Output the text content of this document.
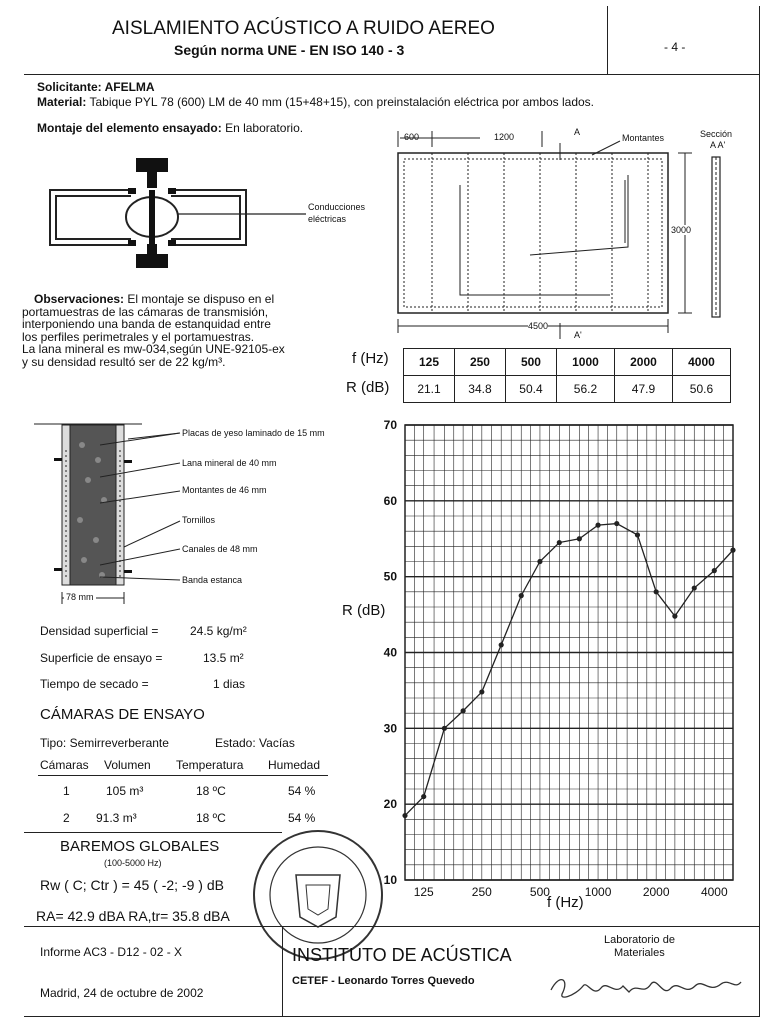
AISLAMIENTO ACÚSTICO A RUIDO AEREO
Según norma UNE - EN ISO 140 - 3	- 4 -
Solicitante: AFELMA
Material: Tabique PYL 78 (600) LM de 40 mm (15+48+15), con preinstalación eléctrica por ambos lados.
Montaje del elemento ensayado: En laboratorio.
Conducciones
eléctricas
600	1200	A
Montantes	Sección
A A'
3000
4500
A'
Observaciones: El montaje se dispuso en el
portamuestras de las cámaras de transmisión,
interponiendo una banda de estanquidad entre
los perfiles perimetrales y el portamuestras.
La lana mineral es mw-034,según UNE-92105-ex
y su densidad resultó ser de 22 kg/m³.	f (Hz)
R (dB)
125	250	500	1000	2000	4000
21.1	34.8	50.4	56.2	47.9	50.6
Placas de yeso laminado de 15 mm
Lana mineral de 40 mm
Montantes de 46 mm
Tornillos
Canales de 48 mm
Banda estanca
78 mm
Densidad superficial =	24.5 kg/m²
Superficie de ensayo =	13.5 m²
Tiempo de secado =	1 dias
CÁMARAS DE ENSAYO
Tipo: Semirreverberante	Estado: Vacías
Cámaras Volumen Temperatura Humedad
1	105 m³	18 ºC	54 %
2 91.3 m³	18 ºC	54 %
BAREMOS GLOBALES
(100-5000 Hz)
Rw ( C; Ctr ) = 45 ( -2; -9 ) dB
RA= 42.9 dBA RA,tr= 35.8 dBA
10
20
30
40
50
60
70
125	250	500	1000	2000	4000
R (dB)
f (Hz)
Informe AC3 - D12 - 02 - X
Madrid, 24 de octubre de 2002
INSTITUTO DE ACÚSTICA
CETEF - Leonardo Torres Quevedo
Laboratorio de
Materiales
